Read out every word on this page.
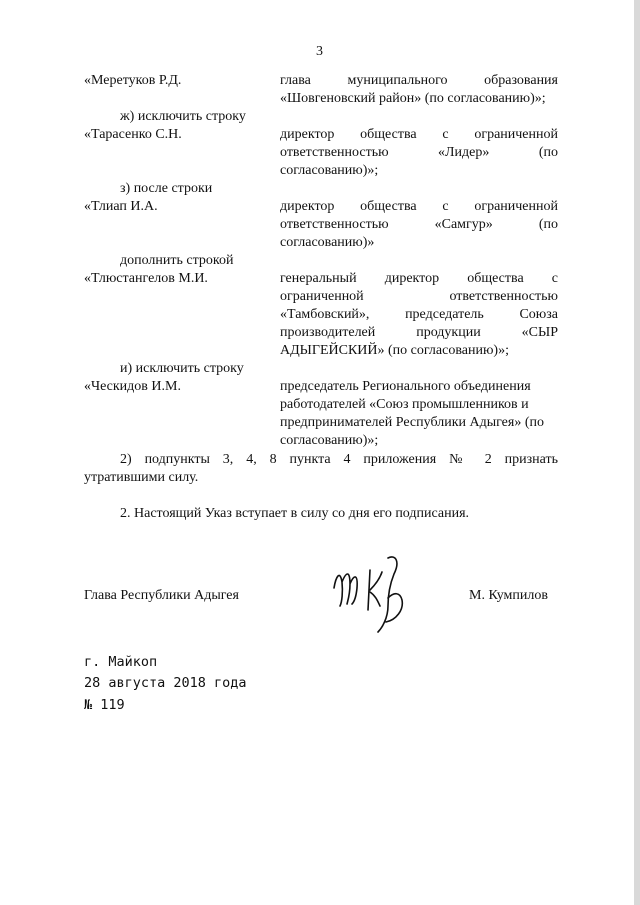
3
«Меретуков Р.Д.	глава муниципального образования
«Шовгеновский район» (по согласованию)»;
ж) исключить строку
«Тарасенко С.Н.	директор общества с ограниченной
ответственностью «Лидер» (по
согласованию)»;
з) после строки
«Тлиап И.А.	директор общества с ограниченной
ответственностью «Самгур» (по
согласованию)»
дополнить строкой
«Тлюстангелов М.И.	генеральный директор общества с
ограниченной ответственностью
«Тамбовский», председатель Союза
производителей продукции «СЫР
АДЫГЕЙСКИЙ» (по согласованию)»;
и) исключить строку
«Ческидов И.М.	председатель Регионального объединения
работодателей «Союз промышленников и
предпринимателей Республики Адыгея» (по
согласованию)»;
2) подпункты 3, 4, 8 пункта 4 приложения № 2 признать
утратившими силу.
2. Настоящий Указ вступает в силу со дня его подписания.
Глава Республики Адыгея	М. Кумпилов
г. Майкоп
28 августа 2018 года
№ 119
